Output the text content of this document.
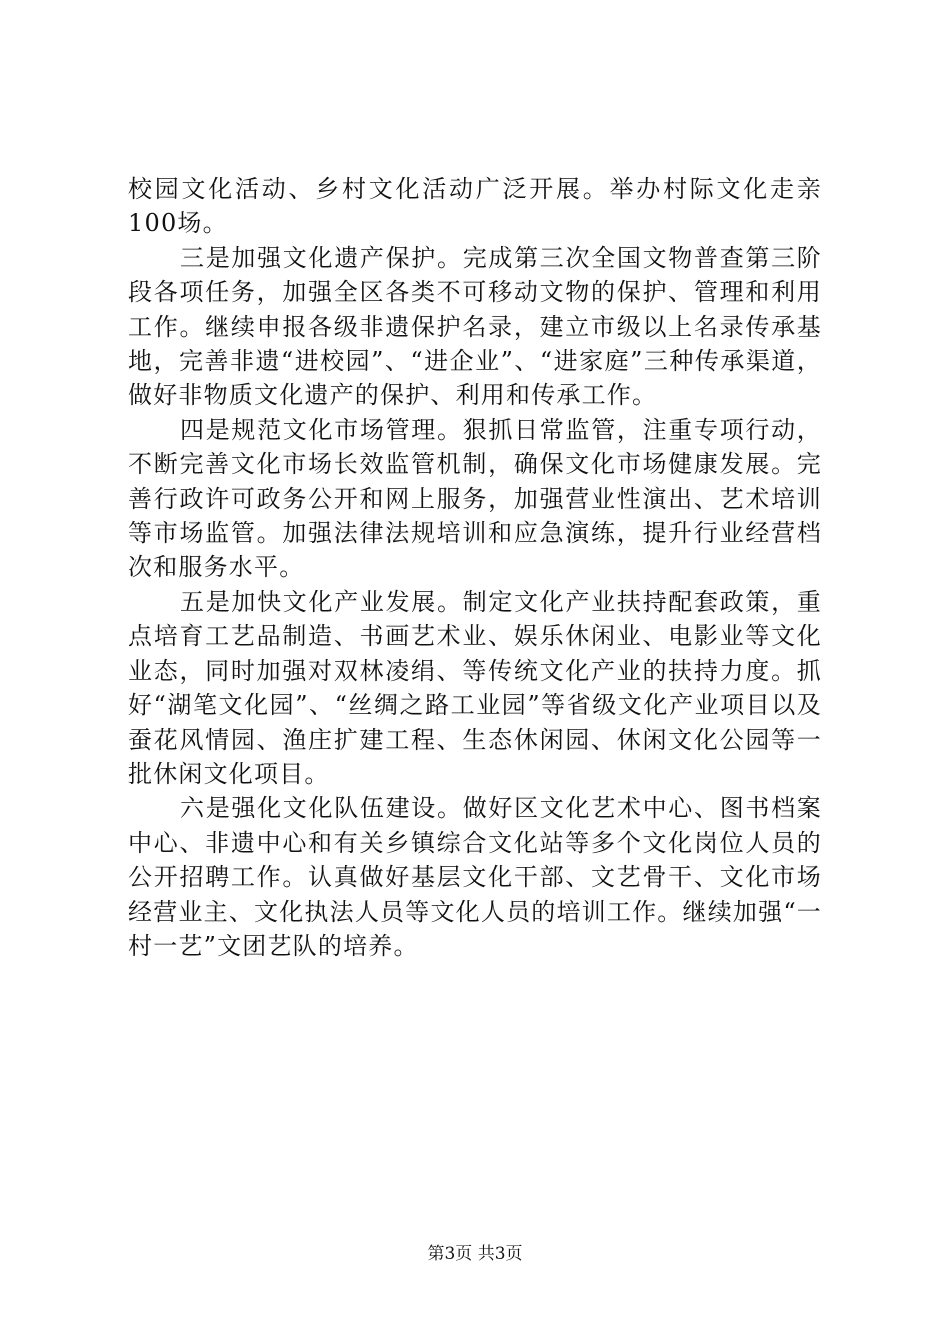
校园文化活动、乡村文化活动广泛开展。举办村际文化走亲100场。

三是加强文化遗产保护。完成第三次全国文物普查第三阶段各项任务，加强全区各类不可移动文物的保护、管理和利用工作。继续申报各级非遗保护名录，建立市级以上名录传承基地，完善非遗“进校园”、“进企业”、“进家庭”三种传承渠道，做好非物质文化遗产的保护、利用和传承工作。

四是规范文化市场管理。狠抓日常监管，注重专项行动，不断完善文化市场长效监管机制，确保文化市场健康发展。完善行政许可政务公开和网上服务，加强营业性演出、艺术培训等市场监管。加强法律法规培训和应急演练，提升行业经营档次和服务水平。

五是加快文化产业发展。制定文化产业扶持配套政策，重点培育工艺品制造、书画艺术业、娱乐休闲业、电影业等文化业态，同时加强对双林凌绢、等传统文化产业的扶持力度。抓好“湖笔文化园”、“丝绸之路工业园”等省级文化产业项目以及蚕花风情园、渔庄扩建工程、生态休闲园、休闲文化公园等一批休闲文化项目。

六是强化文化队伍建设。做好区文化艺术中心、图书档案中心、非遗中心和有关乡镇综合文化站等多个文化岗位人员的公开招聘工作。认真做好基层文化干部、文艺骨干、文化市场经营业主、文化执法人员等文化人员的培训工作。继续加强“一村一艺”文团艺队的培养。

第3页 共3页
